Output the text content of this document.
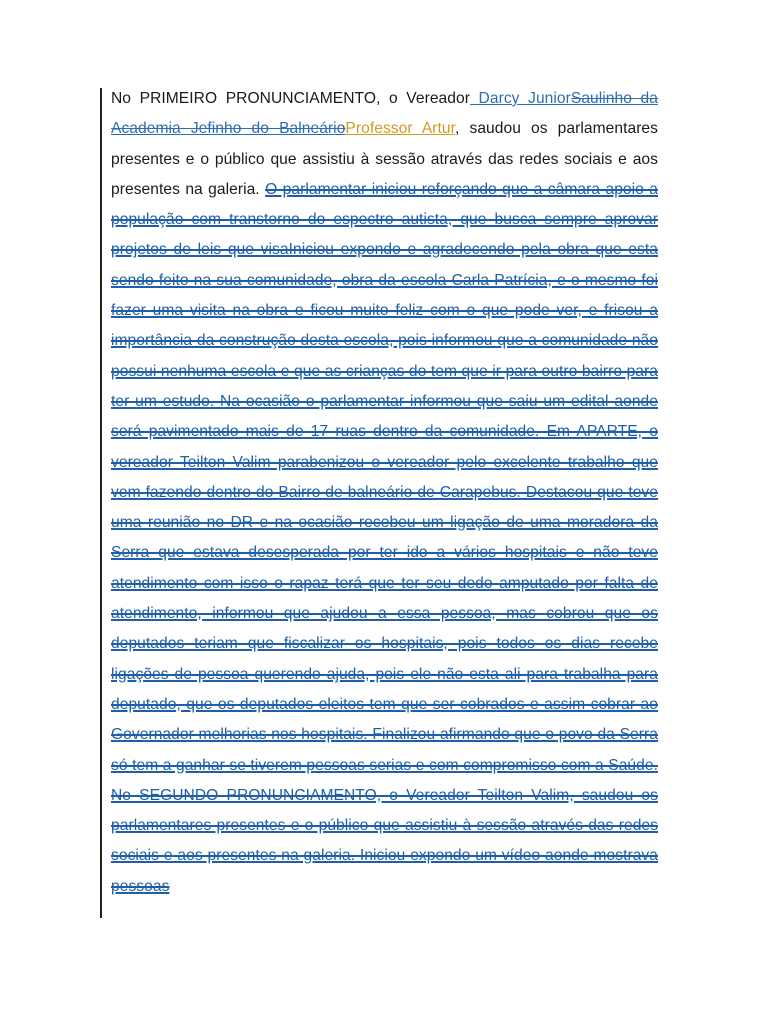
No PRIMEIRO PRONUNCIAMENTO, o Vereador Darcy JuniorSaulinho da Academia Jefinho do BalneárioProfessor Artur, saudou os parlamentares presentes e o público que assistiu à sessão através das redes sociais e aos presentes na galeria. O parlamentar iniciou reforçando que a câmara apoio a população com transtorno do espectro autista, que busca sempre aprovar projetos de leis que visaIniciou expondo e agradecendo pela obra que esta sendo feito na sua comunidade, obra da escola Carla Patrícia, e o mesmo foi fazer uma visita na obra e ficou muito feliz com o que pode ver, e frisou a importância da construção desta escola, pois informou que a comunidade não possui nenhuma escola e que as crianças do tem que ir para outro bairro para ter um estudo. Na ocasião o parlamentar informou que saiu um edital aonde será pavimentado mais de 17 ruas dentro da comunidade. Em APARTE, o vereador Teilton Valim parabenizou o vereador pelo excelente trabalho que vem fazendo dentro do Bairro de balneário de Carapebus. Destacou que teve uma reunião no DR e na ocasião recebeu um ligação de uma moradora da Serra que estava desesperada por ter ido a vários hospitais e não teve atendimento com isso o rapaz terá que ter seu dedo amputado por falta de atendimento, informou que ajudou a essa pessoa, mas cobrou que os deputados teriam que fiscalizar os hospitais, pois todos os dias recebe ligações de pessoa querendo ajuda, pois ele não esta ali para trabalha para deputado, que os deputados eleitos tem que ser cobrados e assim cobrar ao Governador melhorias nos hospitais. Finalizou afirmando que o povo da Serra só tem a ganhar se tiverem pessoas serias e com compromisso com a Saúde. No SEGUNDO PRONUNCIAMENTO, o Vereador Teilton Valim, saudou os parlamentares presentes e o público que assistiu à sessão através das redes sociais e aos presentes na galeria. Iniciou expondo um vídeo aonde mostrava pessoas
